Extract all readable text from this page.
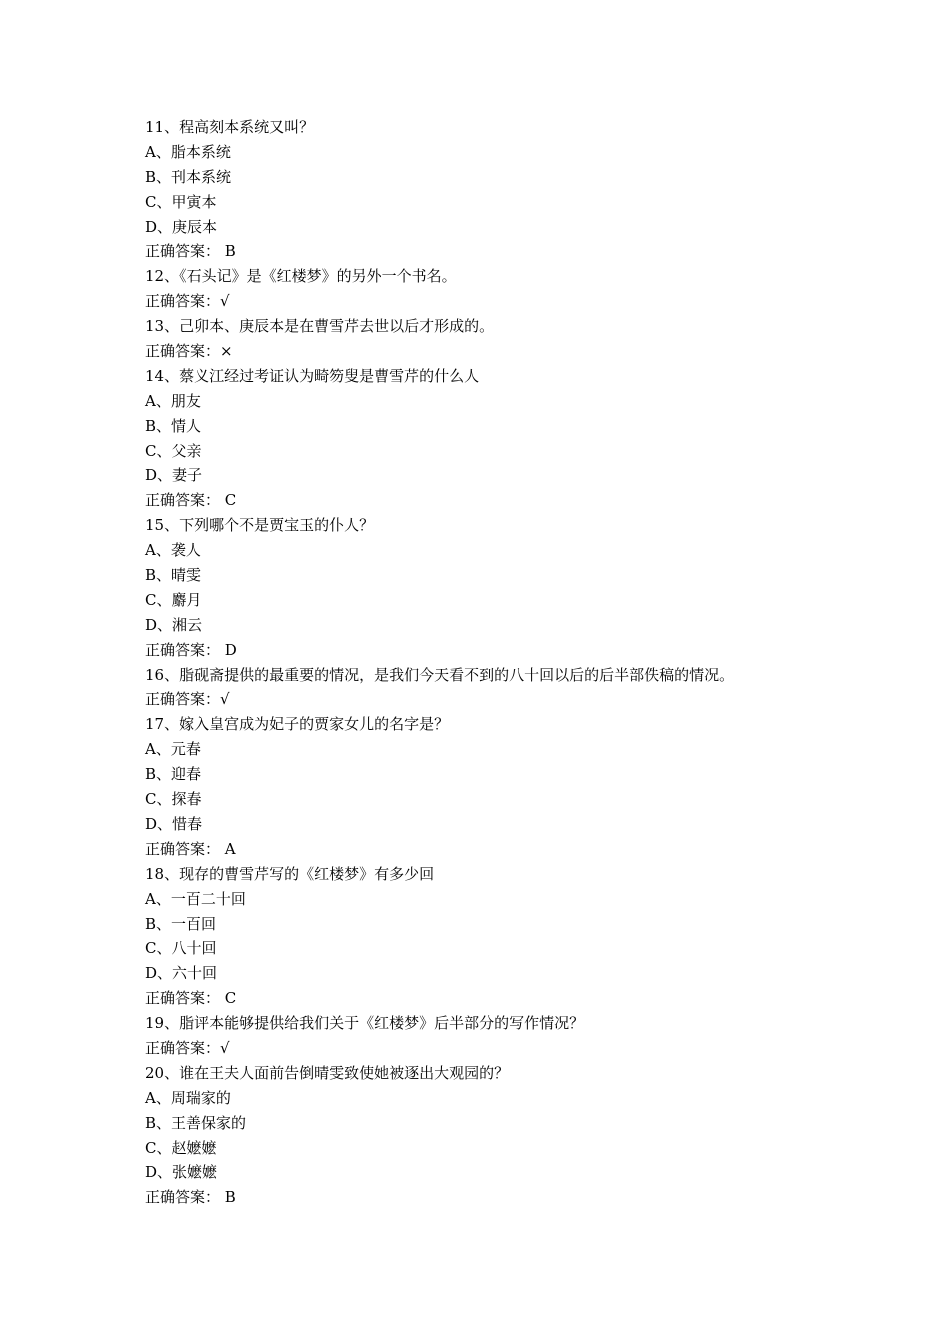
11、程高刻本系统又叫？
A、脂本系统
B、刊本系统
C、甲寅本
D、庚辰本
正确答案： B
12、《石头记》是《红楼梦》的另外一个书名。
正确答案：√
13、己卯本、庚辰本是在曹雪芹去世以后才形成的。
正确答案：×
14、蔡义江经过考证认为畸笏叟是曹雪芹的什么人
A、朋友
B、情人
C、父亲
D、妻子
正确答案： C
15、下列哪个不是贾宝玉的仆人？
A、袭人
B、晴雯
C、麝月
D、湘云
正确答案： D
16、脂砚斋提供的最重要的情况，是我们今天看不到的八十回以后的后半部佚稿的情况。
正确答案：√
17、嫁入皇宫成为妃子的贾家女儿的名字是？
A、元春
B、迎春
C、探春
D、惜春
正确答案： A
18、现存的曹雪芹写的《红楼梦》有多少回
A、一百二十回
B、一百回
C、八十回
D、六十回
正确答案： C
19、脂评本能够提供给我们关于《红楼梦》后半部分的写作情况？
正确答案：√
20、谁在王夫人面前告倒晴雯致使她被逐出大观园的？
A、周瑞家的
B、王善保家的
C、赵嬷嬷
D、张嬷嬷
正确答案： B
